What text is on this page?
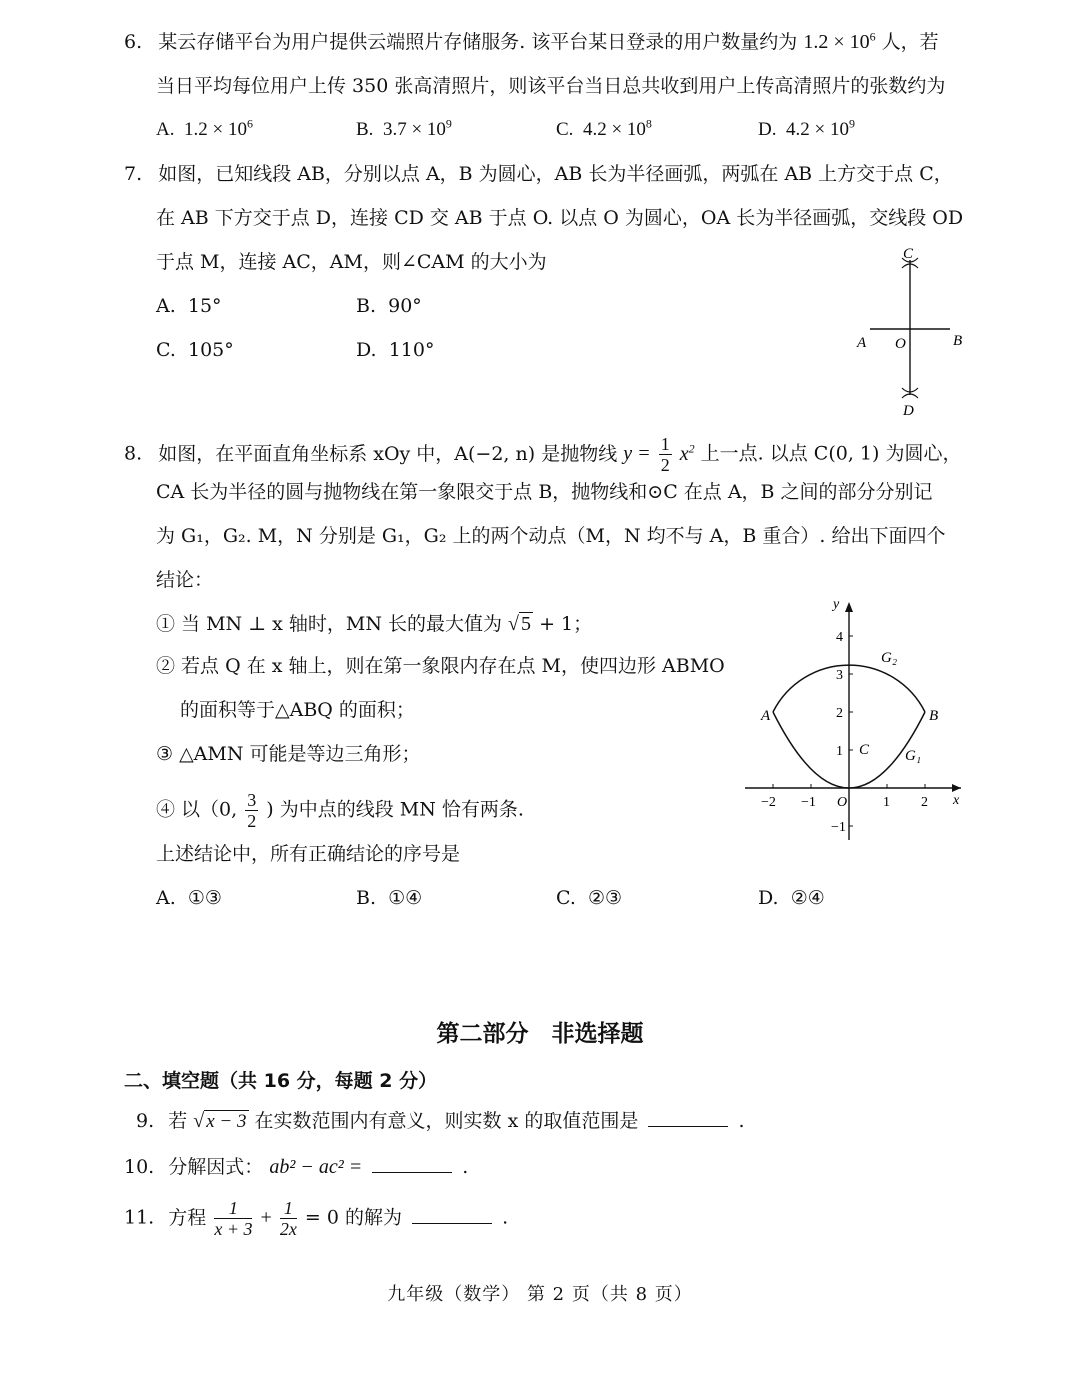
6. 某云存储平台为用户提供云端照片存储服务. 该平台某日登录的用户数量约为 $1.2 \times 10^6$ 人，若
当日平均每位用户上传 350 张高清照片，则该平台当日总共收到用户上传高清照片的张数约为
A. $1.2 \times 10^6$	B. $3.7 \times 10^9$	C. $4.2 \times 10^8$	D. $4.2 \times 10^9$
7. 如图，已知线段 AB，分别以点 A，B 为圆心，AB 长为半径画弧，两弧在 AB 上方交于点 C，
在 AB 下方交于点 D，连接 CD 交 AB 于点 O. 以点 O 为圆心，OA 长为半径画弧，交线段 OD
于点 M，连接 AC，AM，则∠CAM 的大小为
A. 15°	B. 90°
C. 105°	D. 110°
C
O
A	B
D
8. 如图，在平面直角坐标系 xOy 中，A(−2, n) 是抛物线 $y = \frac{1}{2} x^2$ 上一点. 以点 C(0, 1) 为圆心，
CA 长为半径的圆与抛物线在第一象限交于点 B，抛物线和⊙C 在点 A，B 之间的部分分别记
为 G₁，G₂. M，N 分别是 G₁，G₂ 上的两个动点（M，N 均不与 A，B 重合）. 给出下面四个
结论：
① 当 MN ⊥ x 轴时，MN 长的最大值为 √ 5 + 1；
② 若点 Q 在 x 轴上，则在第一象限内存在点 M，使四边形 ABMO
的面积等于△ABQ 的面积；
③ △AMN 可能是等边三角形；
④ 以（0, $\frac{3}{2}$ ) 为中点的线段 MN 恰有两条.
上述结论中，所有正确结论的序号是
A. ①③	B. ①④	C. ②③	D. ②④
y
x
4
3
2
1
−1
−2 −1 O	1 2
A	B
C G₁
G₂
第二部分　非选择题
二、填空题（共 16 分，每题 2 分）
9. 若 √ x − 3 在实数范围内有意义，则实数 x 的取值范围是	.
10. 分解因式： ab² − ac² =	.
11. 方程 $\frac{1}{x + 3} + \frac{1}{2x} = 0$ 的解为	.
九年级（数学） 第 2 页（共 8 页）
